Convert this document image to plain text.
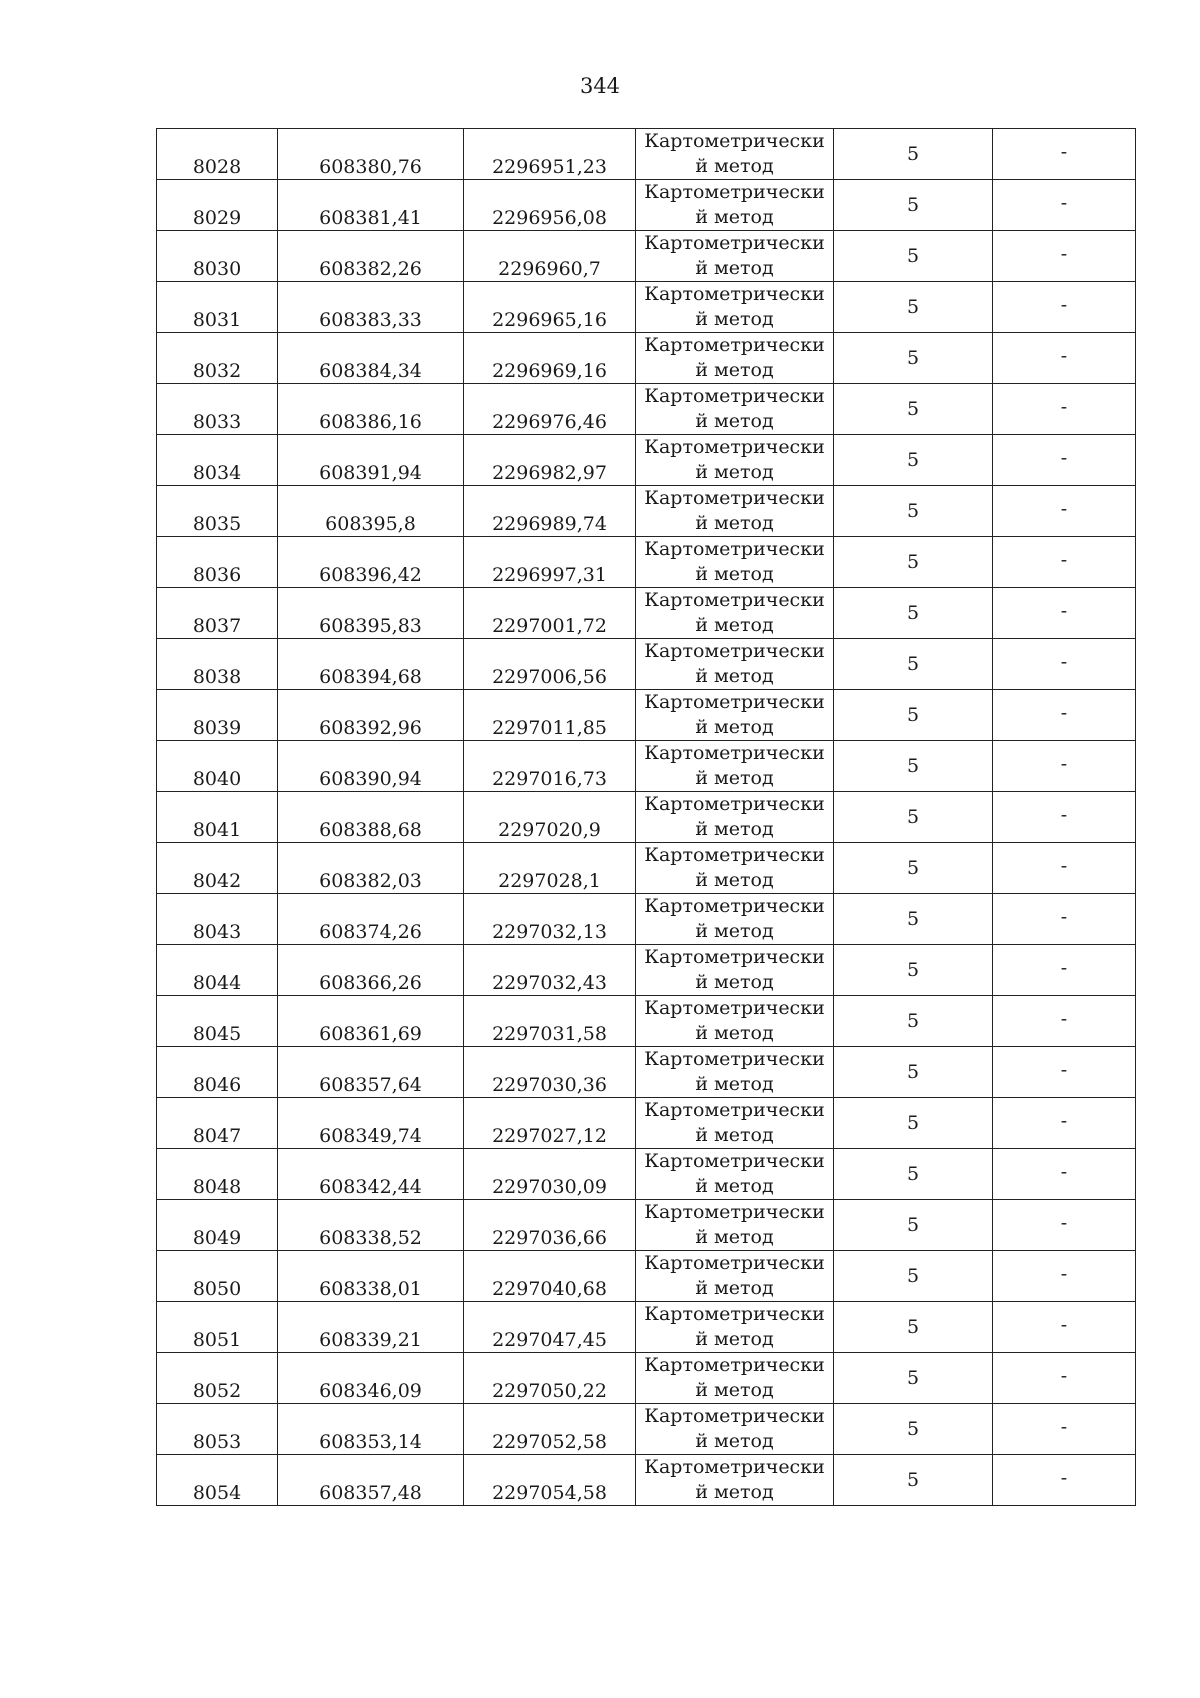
344
8028	608380,76	2296951,23	Картометрически
й метод	5	-
8029	608381,41	2296956,08	Картометрически
й метод	5	-
8030	608382,26	2296960,7	Картометрически
й метод	5	-
8031	608383,33	2296965,16	Картометрически
й метод	5	-
8032	608384,34	2296969,16	Картометрически
й метод	5	-
8033	608386,16	2296976,46	Картометрически
й метод	5	-
8034	608391,94	2296982,97	Картометрически
й метод	5	-
8035	608395,8	2296989,74	Картометрически
й метод	5	-
8036	608396,42	2296997,31	Картометрически
й метод	5	-
8037	608395,83	2297001,72	Картометрически
й метод	5	-
8038	608394,68	2297006,56	Картометрически
й метод	5	-
8039	608392,96	2297011,85	Картометрически
й метод	5	-
8040	608390,94	2297016,73	Картометрически
й метод	5	-
8041	608388,68	2297020,9	Картометрически
й метод	5	-
8042	608382,03	2297028,1	Картометрически
й метод	5	-
8043	608374,26	2297032,13	Картометрически
й метод	5	-
8044	608366,26	2297032,43	Картометрически
й метод	5	-
8045	608361,69	2297031,58	Картометрически
й метод	5	-
8046	608357,64	2297030,36	Картометрически
й метод	5	-
8047	608349,74	2297027,12	Картометрически
й метод	5	-
8048	608342,44	2297030,09	Картометрически
й метод	5	-
8049	608338,52	2297036,66	Картометрически
й метод	5	-
8050	608338,01	2297040,68	Картометрически
й метод	5	-
8051	608339,21	2297047,45	Картометрически
й метод	5	-
8052	608346,09	2297050,22	Картометрически
й метод	5	-
8053	608353,14	2297052,58	Картометрически
й метод	5	-
8054	608357,48	2297054,58	Картометрически
й метод	5	-
